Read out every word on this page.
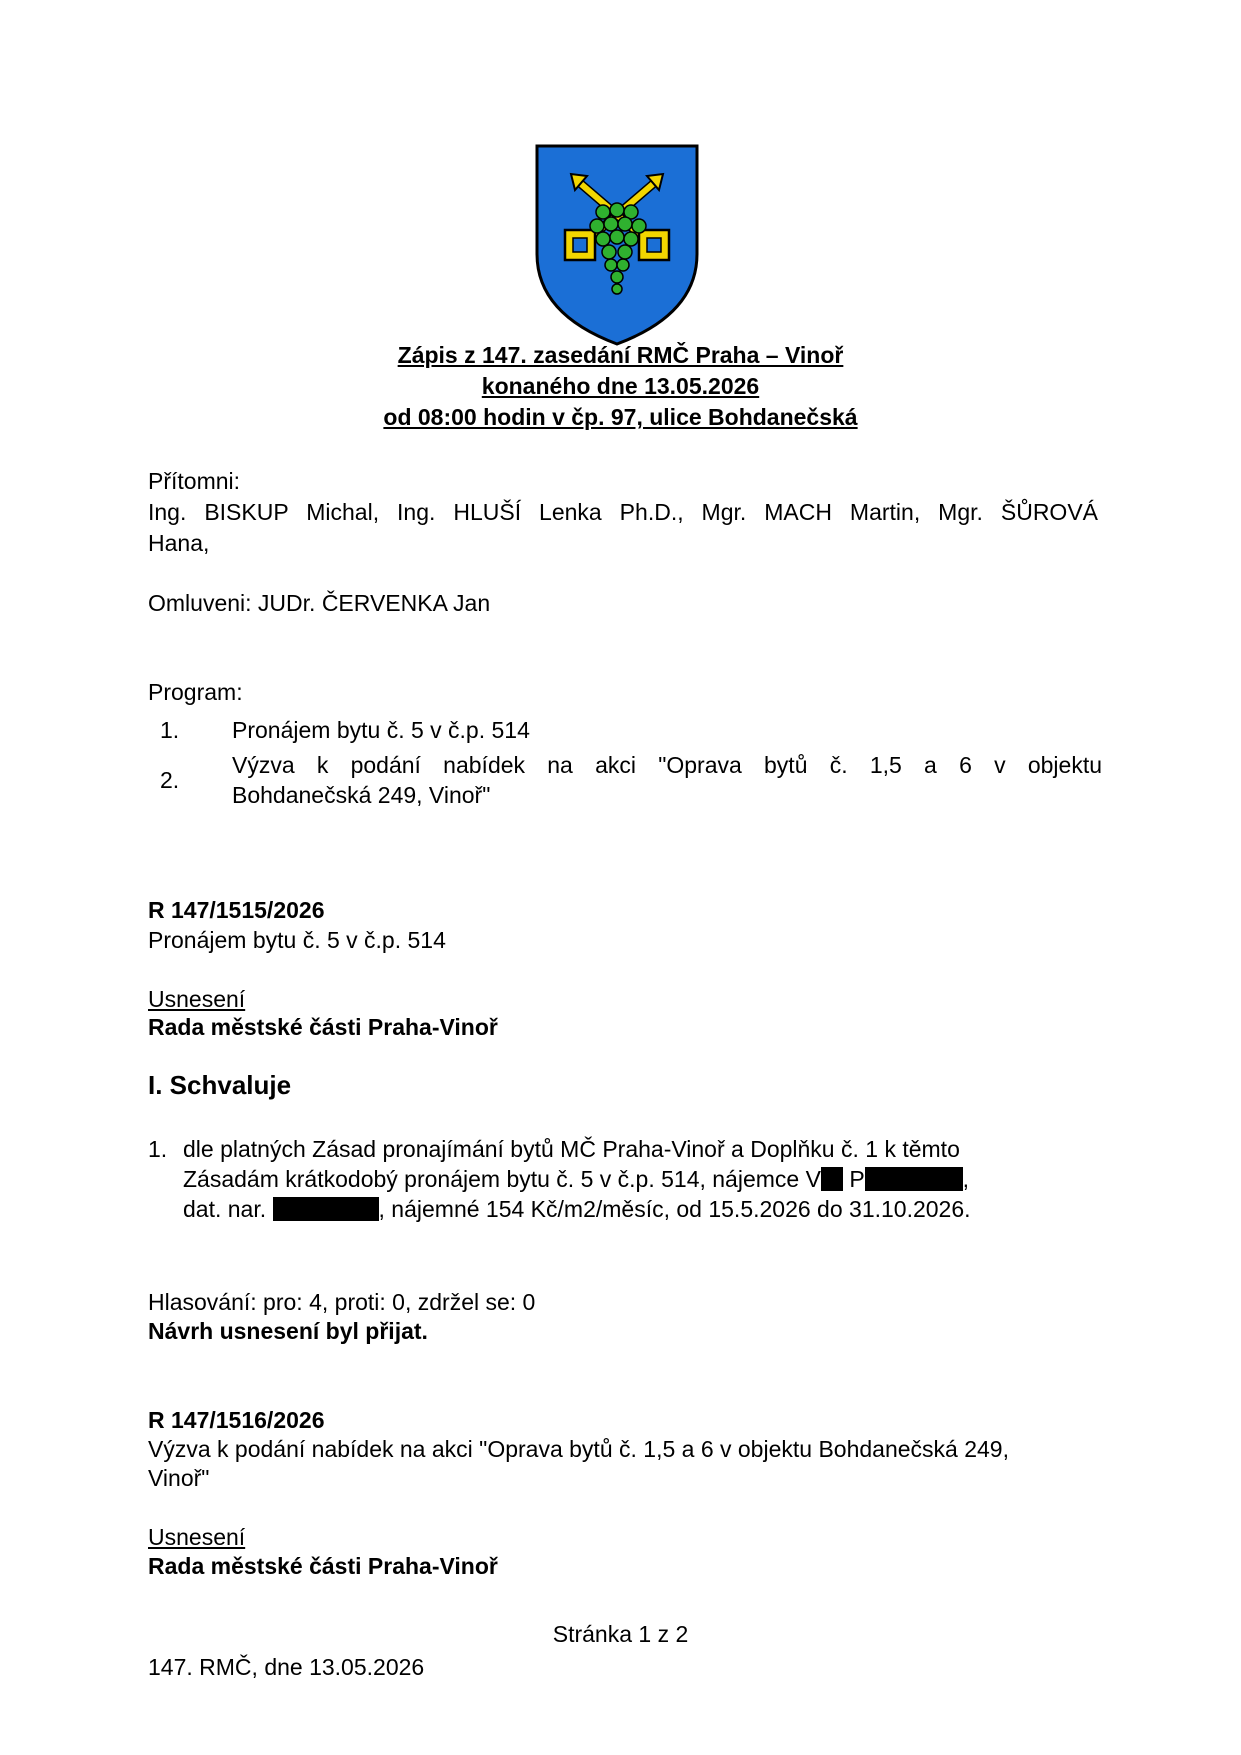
Zápis z 147. zasedání RMČ Praha – Vinoř
konaného dne 13.05.2026
od 08:00 hodin v čp. 97, ulice Bohdanečská
Přítomni:
Ing. BISKUP Michal, Ing. HLUŠÍ Lenka Ph.D., Mgr. MACH Martin, Mgr. ŠŮROVÁ
Hana,
Omluveni: JUDr. ČERVENKA Jan
Program:
1. Pronájem bytu č. 5 v č.p. 514
2.
Výzva k podání nabídek na akci "Oprava bytů č. 1,5 a 6 v objektu
Bohdanečská 249, Vinoř"
R 147/1515/2026
Pronájem bytu č. 5 v č.p. 514
Usnesení
Rada městské části Praha-Vinoř
I. Schvaluje
1. dle platných Zásad pronajímání bytů MČ Praha-Vinoř a Doplňku č. 1 k těmto
Zásadám krátkodobý pronájem bytu č. 5 v č.p. 514, nájemce V P	,
dat. nar.	, nájemné 154 Kč/m2/měsíc, od 15.5.2026 do 31.10.2026.
Hlasování: pro: 4, proti: 0, zdržel se: 0
Návrh usnesení byl přijat.
R 147/1516/2026
Výzva k podání nabídek na akci "Oprava bytů č. 1,5 a 6 v objektu Bohdanečská 249,
Vinoř"
Usnesení
Rada městské části Praha-Vinoř
Stránka 1 z 2
147. RMČ, dne 13.05.2026
